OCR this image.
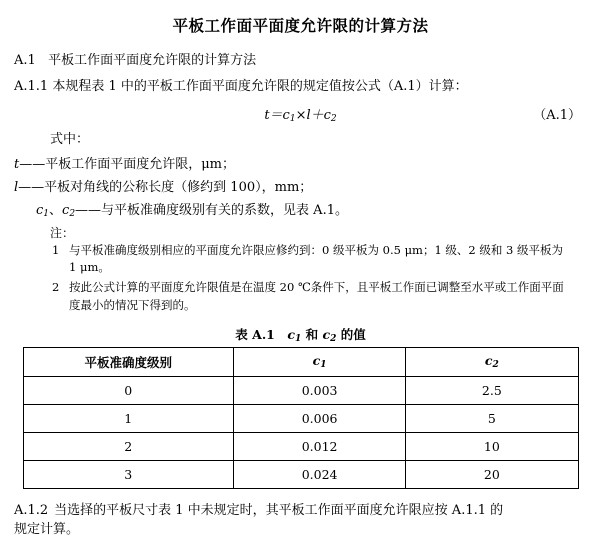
平板工作面平面度允许限的计算方法
A.1 平板工作面平面度允许限的计算方法
A.1.1 本规程表 1 中的平板工作面平面度允许限的规定值按公式（A.1）计算：
$t=c_1\times l+c_2$	（A.1）
式中：
t——平板工作面平面度允许限，μm；
l——平板对角线的公称长度（修约到 100），mm；
$c_1$、$c_2——$与平板准确度级别有关的系数，见表 A.1。
注：
1 与平板准确度级别相应的平面度允许限应修约到：0 级平板为 0.5 μm；1 级、2 级和 3 级平板为 1 μm。
2 按此公式计算的平面度允许限值是在温度 20 ℃条件下，且平板工作面已调整至水平或工作面平面度最小的情况下得到的。
表 A.1　$c_1$ 和 $c_2$ 的值
平板准确度级别	$c_1$	$c_2$
0	0.003	2.5
1	0.006	5
2	0.012	10
3	0.024	20
A.1.2 当选择的平板尺寸表 1 中未规定时，其平板工作面平面度允许限应按 A.1.1 的
规定计算。
